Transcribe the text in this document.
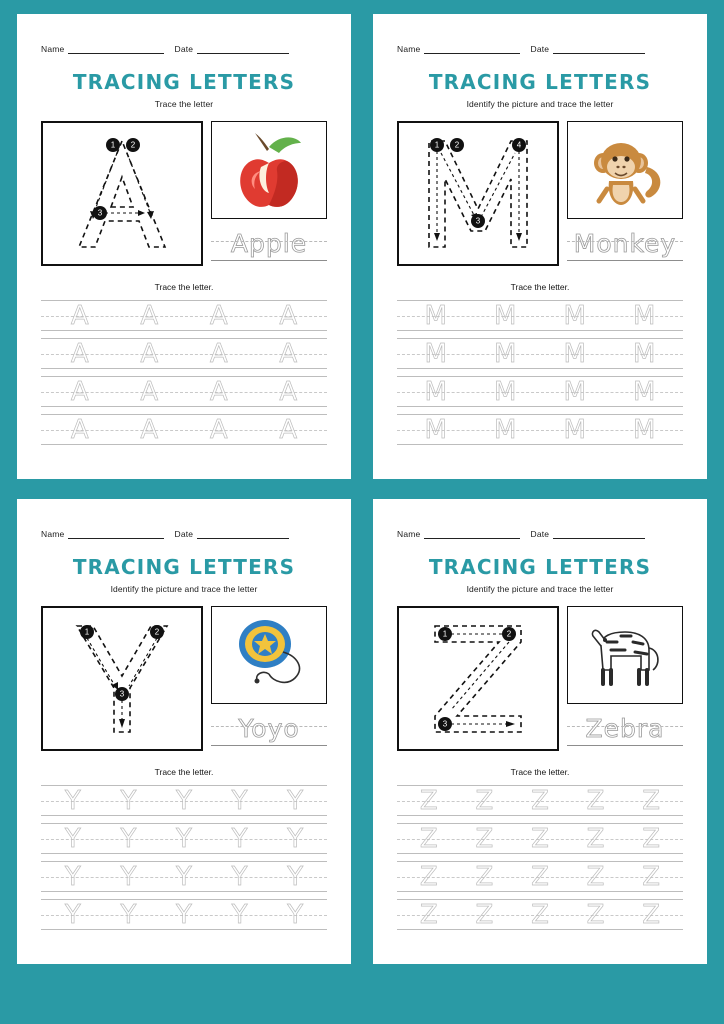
Name	Date
TRACING LETTERS
Trace the letter
1 2
3
Apple
Trace the letter.
A A A A
A A A A
A A A A
A A A A
Name	Date
TRACING LETTERS
Identify the picture and trace the letter
1 2
3
4
Monkey
Trace the letter.
M M M M
M M M M
M M M M
M M M M
Name	Date
TRACING LETTERS
Identify the picture and trace the letter
1	2
3
Yoyo
Trace the letter.
Y Y Y Y Y
Y Y Y Y Y
Y Y Y Y Y
Y Y Y Y Y
Name	Date
TRACING LETTERS
Identify the picture and trace the letter
1	2
3	Zebra
Trace the letter.
Z Z Z Z Z
Z Z Z Z Z
Z Z Z Z Z
Z Z Z Z Z
